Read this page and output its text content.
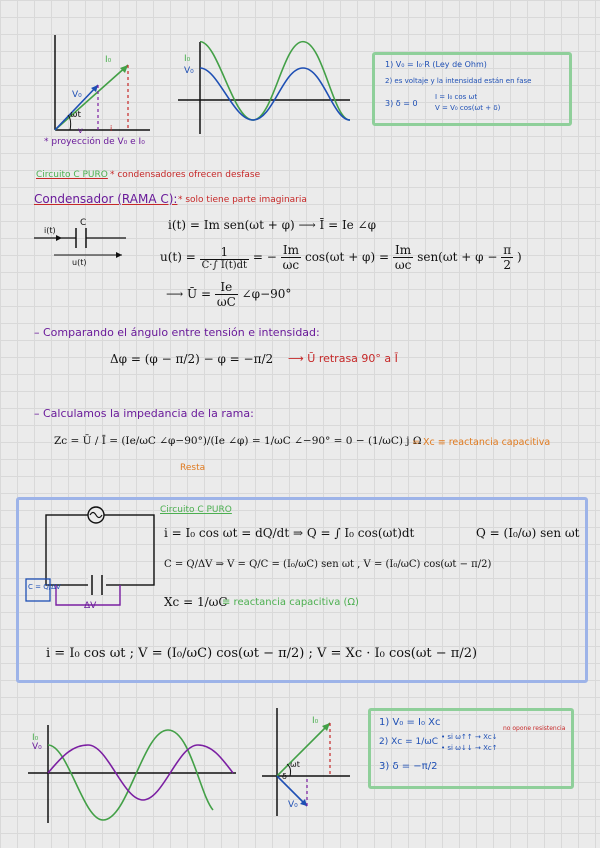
I₀
V₀
ωt
v	i
* proyección de V₀ e I₀
I₀
V₀
1) V₀ = I₀·R (Ley de Ohm)
2) es voltaje y la intensidad están en fase
3) δ = 0
I = I₀ cos ωt
V = V₀ cos(ωt + δ)
Circuito C PURO * condensadores ofrecen desfase
Condensador (RAMA C): * solo tiene parte imaginaria
i(t)
C
u(t)
i(t) = Im sen(ωt + φ) ⟶ Ī = Ie ∠φ
$u(t) = \frac{1}{C\cdot\int I(t)dt}$ = − $\frac{Im}{\omega c} \cos(\omega t + \varphi) = \frac{Im}{\omega c} sen(\omega t + \varphi - \frac{\pi}{2}$ )
⟶ Ū = $\frac{Ie}{\omega C}$ ∠φ−90°
– Comparando el ángulo entre tensión e intensidad:
Δφ = (φ − π/2) − φ = −π/2 ⟶ Ū retrasa 90° a Ī
– Calculamos la impedancia de la rama:
Zc = Ū / Ī = (Ie/ωC ∠φ−90°)/(Ie ∠φ) = 1/ωC ∠−90° = 0 − (1/ωC) j Ω
= Xc ≡ reactancia capacitiva
Resta
Circuito C PURO
C = Q/ΔV
ΔV
i = I₀ cos ωt = dQ/dt ⇒ Q = ∫ I₀ cos(ωt)dt	Q = (I₀/ω) sen ωt
C = Q/ΔV ⇒ V = Q/C = (I₀/ωC) sen ωt , V = (I₀/ωC) cos(ωt − π/2)
Xc = 1/ωC
≡ reactancia capacitiva (Ω)
i = I₀ cos ωt ; V = (I₀/ωC) cos(ωt − π/2) ; V = Xc · I₀ cos(ωt − π/2)
I₀
V₀
I₀
ωt
δ
V₀
1) V₀ = I₀ Xc
2) Xc = 1/ωC • si ω↑↑ → Xc↓
• si ω↓↓ → Xc↑
no opone resistencia
3) δ = −π/2
